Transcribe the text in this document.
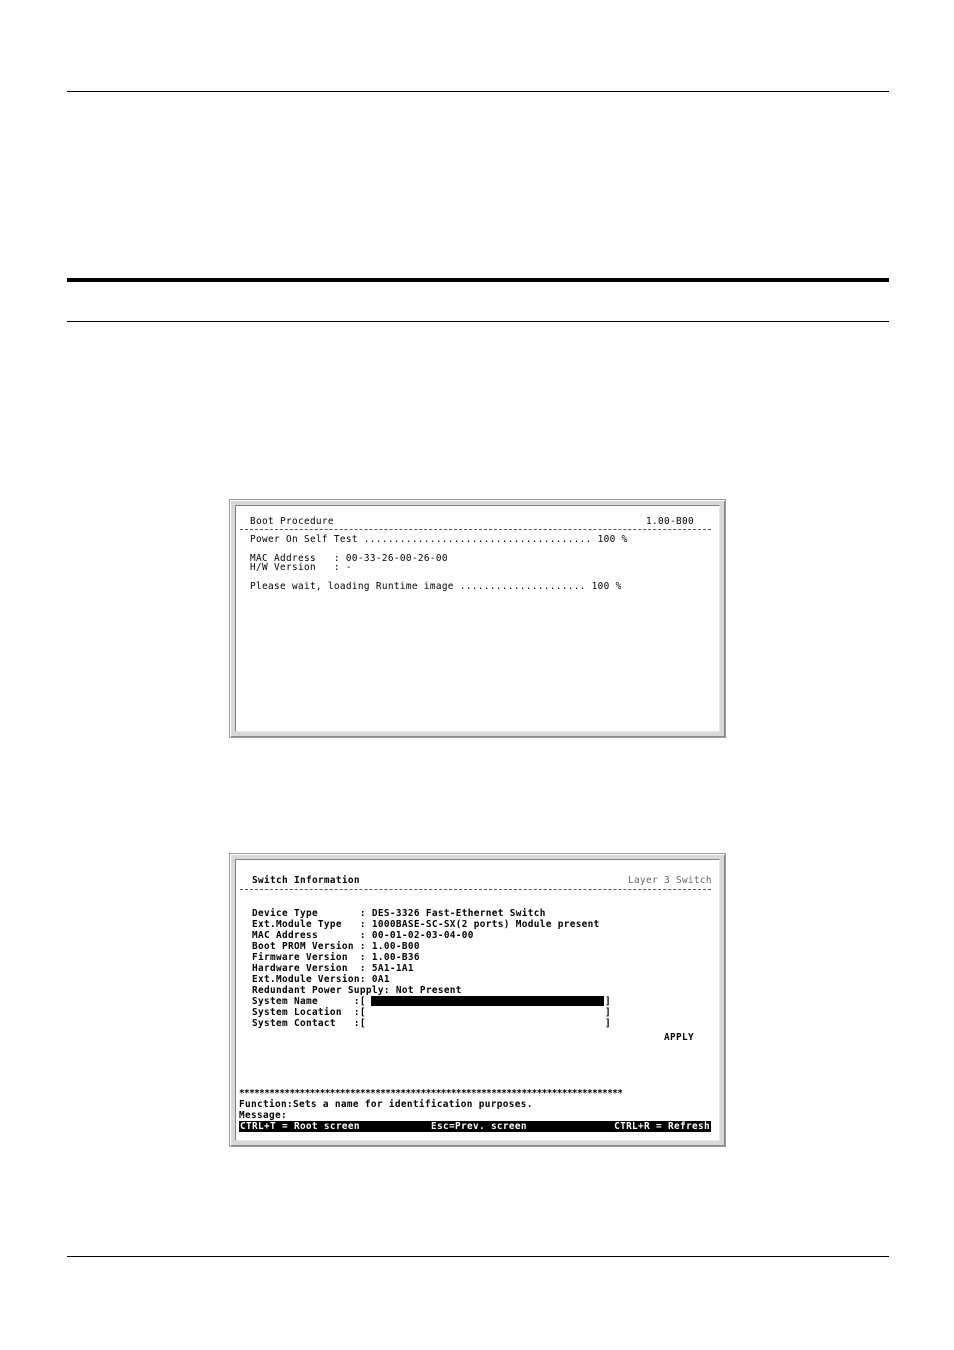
Boot Procedure	1.00-B00
Power On Self Test ...................................... 100 %
MAC Address   : 00-33-26-00-26-00
H/W Version   : -
Please wait, loading Runtime image ..................... 100 %
Switch Information	Layer 3 Switch
Device Type       : DES-3326 Fast-Ethernet Switch
Ext.Module Type   : 1000BASE-SC-SX(2 ports) Module present
MAC Address       : 00-01-02-03-04-00
Boot PROM Version : 1.00-B00
Firmware Version  : 1.00-B36
Hardware Version  : 5A1-1A1
Ext.Module Version: 0A1
Redundant Power Supply: Not Present
System Name      :[	]
System Location  :[	]
System Contact   :[	]
APPLY
****************************************************************************
Function:Sets a name for identification purposes.
Message:
CTRL+T = Root screen	Esc=Prev. screen	CTRL+R = Refresh
